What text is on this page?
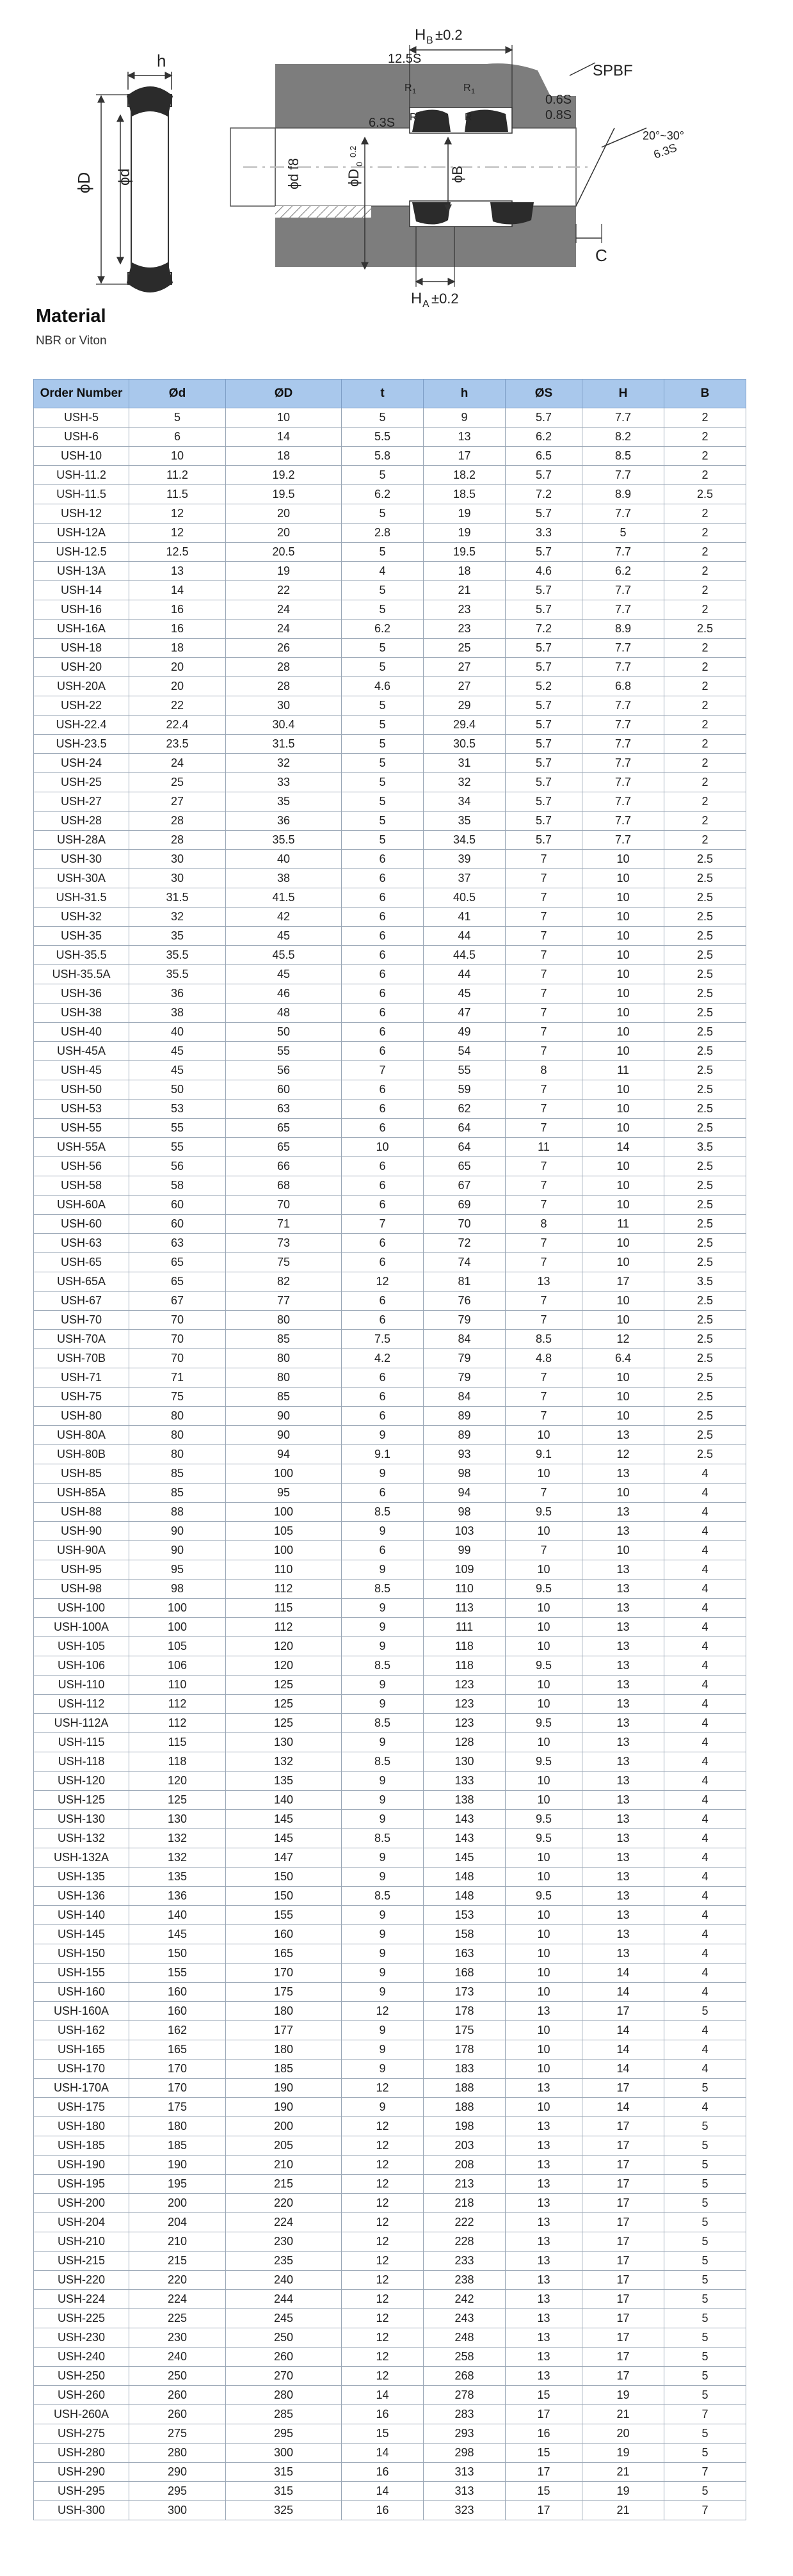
h
ϕD ϕd
H B ±0.2
H A ±0.2
12.5S
R 1	R 1
R	R
6.3S
SPBF
0.6S
0.8S
20°~30°
6.3S
ϕd f8	ϕD
0
0.2
ϕB
C
Material

NBR or Viton

Order Number	Ød	ØD	t	h	ØS	H	B
USH-5	5	10	5	9	5.7	7.7	2
USH-6	6	14	5.5	13	6.2	8.2	2
USH-10	10	18	5.8	17	6.5	8.5	2
USH-11.2	11.2	19.2	5	18.2	5.7	7.7	2
USH-11.5	11.5	19.5	6.2	18.5	7.2	8.9	2.5
USH-12	12	20	5	19	5.7	7.7	2
USH-12A	12	20	2.8	19	3.3	5	2
USH-12.5	12.5	20.5	5	19.5	5.7	7.7	2
USH-13A	13	19	4	18	4.6	6.2	2
USH-14	14	22	5	21	5.7	7.7	2
USH-16	16	24	5	23	5.7	7.7	2
USH-16A	16	24	6.2	23	7.2	8.9	2.5
USH-18	18	26	5	25	5.7	7.7	2
USH-20	20	28	5	27	5.7	7.7	2
USH-20A	20	28	4.6	27	5.2	6.8	2
USH-22	22	30	5	29	5.7	7.7	2
USH-22.4	22.4	30.4	5	29.4	5.7	7.7	2
USH-23.5	23.5	31.5	5	30.5	5.7	7.7	2
USH-24	24	32	5	31	5.7	7.7	2
USH-25	25	33	5	32	5.7	7.7	2
USH-27	27	35	5	34	5.7	7.7	2
USH-28	28	36	5	35	5.7	7.7	2
USH-28A	28	35.5	5	34.5	5.7	7.7	2
USH-30	30	40	6	39	7	10	2.5
USH-30A	30	38	6	37	7	10	2.5
USH-31.5	31.5	41.5	6	40.5	7	10	2.5
USH-32	32	42	6	41	7	10	2.5
USH-35	35	45	6	44	7	10	2.5
USH-35.5	35.5	45.5	6	44.5	7	10	2.5
USH-35.5A	35.5	45	6	44	7	10	2.5
USH-36	36	46	6	45	7	10	2.5
USH-38	38	48	6	47	7	10	2.5
USH-40	40	50	6	49	7	10	2.5
USH-45A	45	55	6	54	7	10	2.5
USH-45	45	56	7	55	8	11	2.5
USH-50	50	60	6	59	7	10	2.5
USH-53	53	63	6	62	7	10	2.5
USH-55	55	65	6	64	7	10	2.5
USH-55A	55	65	10	64	11	14	3.5
USH-56	56	66	6	65	7	10	2.5
USH-58	58	68	6	67	7	10	2.5
USH-60A	60	70	6	69	7	10	2.5
USH-60	60	71	7	70	8	11	2.5
USH-63	63	73	6	72	7	10	2.5
USH-65	65	75	6	74	7	10	2.5
USH-65A	65	82	12	81	13	17	3.5
USH-67	67	77	6	76	7	10	2.5
USH-70	70	80	6	79	7	10	2.5
USH-70A	70	85	7.5	84	8.5	12	2.5
USH-70B	70	80	4.2	79	4.8	6.4	2.5
USH-71	71	80	6	79	7	10	2.5
USH-75	75	85	6	84	7	10	2.5
USH-80	80	90	6	89	7	10	2.5
USH-80A	80	90	9	89	10	13	2.5
USH-80B	80	94	9.1	93	9.1	12	2.5
USH-85	85	100	9	98	10	13	4
USH-85A	85	95	6	94	7	10	4
USH-88	88	100	8.5	98	9.5	13	4
USH-90	90	105	9	103	10	13	4
USH-90A	90	100	6	99	7	10	4
USH-95	95	110	9	109	10	13	4
USH-98	98	112	8.5	110	9.5	13	4
USH-100	100	115	9	113	10	13	4
USH-100A	100	112	9	111	10	13	4
USH-105	105	120	9	118	10	13	4
USH-106	106	120	8.5	118	9.5	13	4
USH-110	110	125	9	123	10	13	4
USH-112	112	125	9	123	10	13	4
USH-112A	112	125	8.5	123	9.5	13	4
USH-115	115	130	9	128	10	13	4
USH-118	118	132	8.5	130	9.5	13	4
USH-120	120	135	9	133	10	13	4
USH-125	125	140	9	138	10	13	4
USH-130	130	145	9	143	9.5	13	4
USH-132	132	145	8.5	143	9.5	13	4
USH-132A	132	147	9	145	10	13	4
USH-135	135	150	9	148	10	13	4
USH-136	136	150	8.5	148	9.5	13	4
USH-140	140	155	9	153	10	13	4
USH-145	145	160	9	158	10	13	4
USH-150	150	165	9	163	10	13	4
USH-155	155	170	9	168	10	14	4
USH-160	160	175	9	173	10	14	4
USH-160A	160	180	12	178	13	17	5
USH-162	162	177	9	175	10	14	4
USH-165	165	180	9	178	10	14	4
USH-170	170	185	9	183	10	14	4
USH-170A	170	190	12	188	13	17	5
USH-175	175	190	9	188	10	14	4
USH-180	180	200	12	198	13	17	5
USH-185	185	205	12	203	13	17	5
USH-190	190	210	12	208	13	17	5
USH-195	195	215	12	213	13	17	5
USH-200	200	220	12	218	13	17	5
USH-204	204	224	12	222	13	17	5
USH-210	210	230	12	228	13	17	5
USH-215	215	235	12	233	13	17	5
USH-220	220	240	12	238	13	17	5
USH-224	224	244	12	242	13	17	5
USH-225	225	245	12	243	13	17	5
USH-230	230	250	12	248	13	17	5
USH-240	240	260	12	258	13	17	5
USH-250	250	270	12	268	13	17	5
USH-260	260	280	14	278	15	19	5
USH-260A	260	285	16	283	17	21	7
USH-275	275	295	15	293	16	20	5
USH-280	280	300	14	298	15	19	5
USH-290	290	315	16	313	17	21	7
USH-295	295	315	14	313	15	19	5
USH-300	300	325	16	323	17	21	7
